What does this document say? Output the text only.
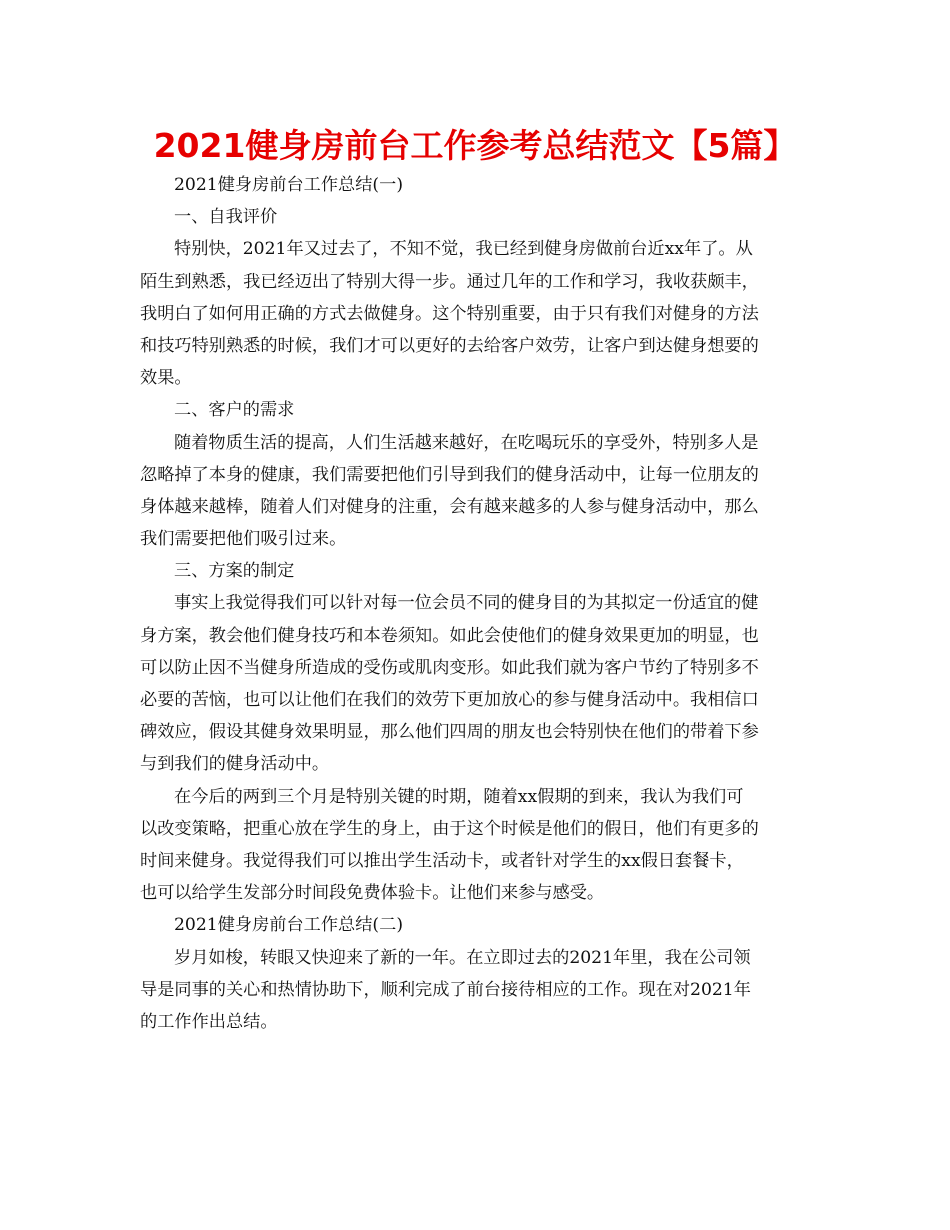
2021健身房前台工作参考总结范文【5篇】
2021健身房前台工作总结(一)
一、自我评价
特别快，2021年又过去了，不知不觉，我已经到健身房做前台近xx年了。从
陌生到熟悉，我已经迈出了特别大得一步。通过几年的工作和学习，我收获颇丰，
我明白了如何用正确的方式去做健身。这个特别重要，由于只有我们对健身的方法
和技巧特别熟悉的时候，我们才可以更好的去给客户效劳，让客户到达健身想要的
效果。
二、客户的需求
随着物质生活的提高，人们生活越来越好，在吃喝玩乐的享受外，特别多人是
忽略掉了本身的健康，我们需要把他们引导到我们的健身活动中，让每一位朋友的
身体越来越棒，随着人们对健身的注重，会有越来越多的人参与健身活动中，那么
我们需要把他们吸引过来。
三、方案的制定
事实上我觉得我们可以针对每一位会员不同的健身目的为其拟定一份适宜的健
身方案，教会他们健身技巧和本卷须知。如此会使他们的健身效果更加的明显，也
可以防止因不当健身所造成的受伤或肌肉变形。如此我们就为客户节约了特别多不
必要的苦恼，也可以让他们在我们的效劳下更加放心的参与健身活动中。我相信口
碑效应，假设其健身效果明显，那么他们四周的朋友也会特别快在他们的带着下参
与到我们的健身活动中。
在今后的两到三个月是特别关键的时期，随着xx假期的到来，我认为我们可
以改变策略，把重心放在学生的身上，由于这个时候是他们的假日，他们有更多的
时间来健身。我觉得我们可以推出学生活动卡，或者针对学生的xx假日套餐卡，
也可以给学生发部分时间段免费体验卡。让他们来参与感受。
2021健身房前台工作总结(二)
岁月如梭，转眼又快迎来了新的一年。在立即过去的2021年里，我在公司领
导是同事的关心和热情协助下，顺利完成了前台接待相应的工作。现在对2021年
的工作作出总结。
